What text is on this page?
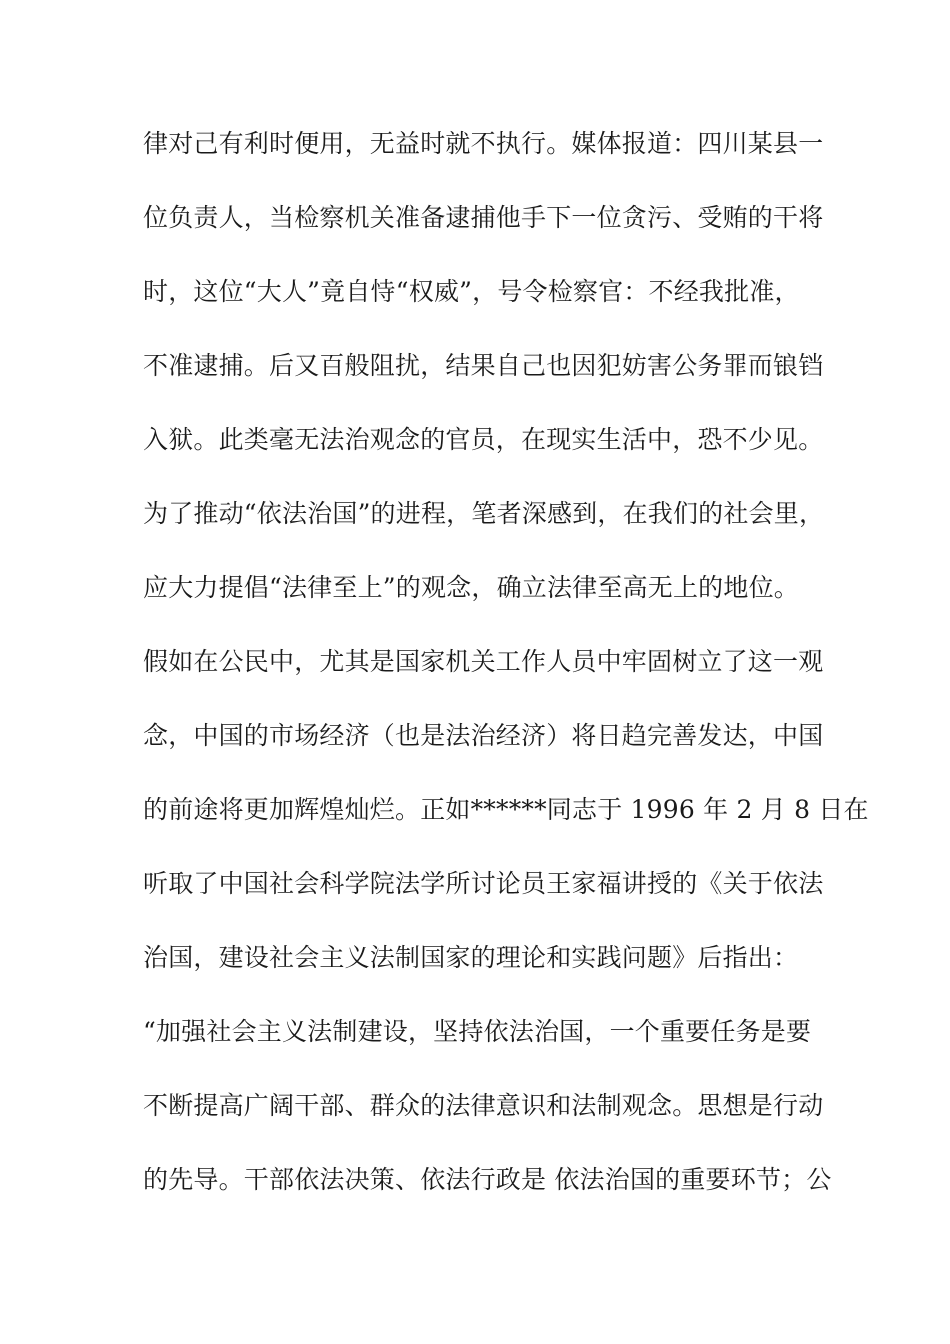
律对己有利时便用，无益时就不执行。媒体报道：四川某县一
位负责人，当检察机关准备逮捕他手下一位贪污、受贿的干将
时，这位“大人”竟自恃“权威”，号令检察官：不经我批准，
不准逮捕。后又百般阻扰，结果自己也因犯妨害公务罪而锒铛
入狱。此类毫无法治观念的官员，在现实生活中，恐不少见。
为了推动“依法治国”的进程，笔者深感到，在我们的社会里，
应大力提倡“法律至上”的观念，确立法律至高无上的地位。
假如在公民中，尤其是国家机关工作人员中牢固树立了这一观
念，中国的市场经济（也是法治经济）将日趋完善发达，中国
的前途将更加辉煌灿烂。正如******同志于 1996 年 2 月 8 日在
听取了中国社会科学院法学所讨论员王家福讲授的《关于依法
治国，建设社会主义法制国家的理论和实践问题》后指出：
“加强社会主义法制建设，坚持依法治国，一个重要任务是要
不断提高广阔干部、群众的法律意识和法制观念。思想是行动
的先导。干部依法决策、依法行政是 依法治国的重要环节；公
